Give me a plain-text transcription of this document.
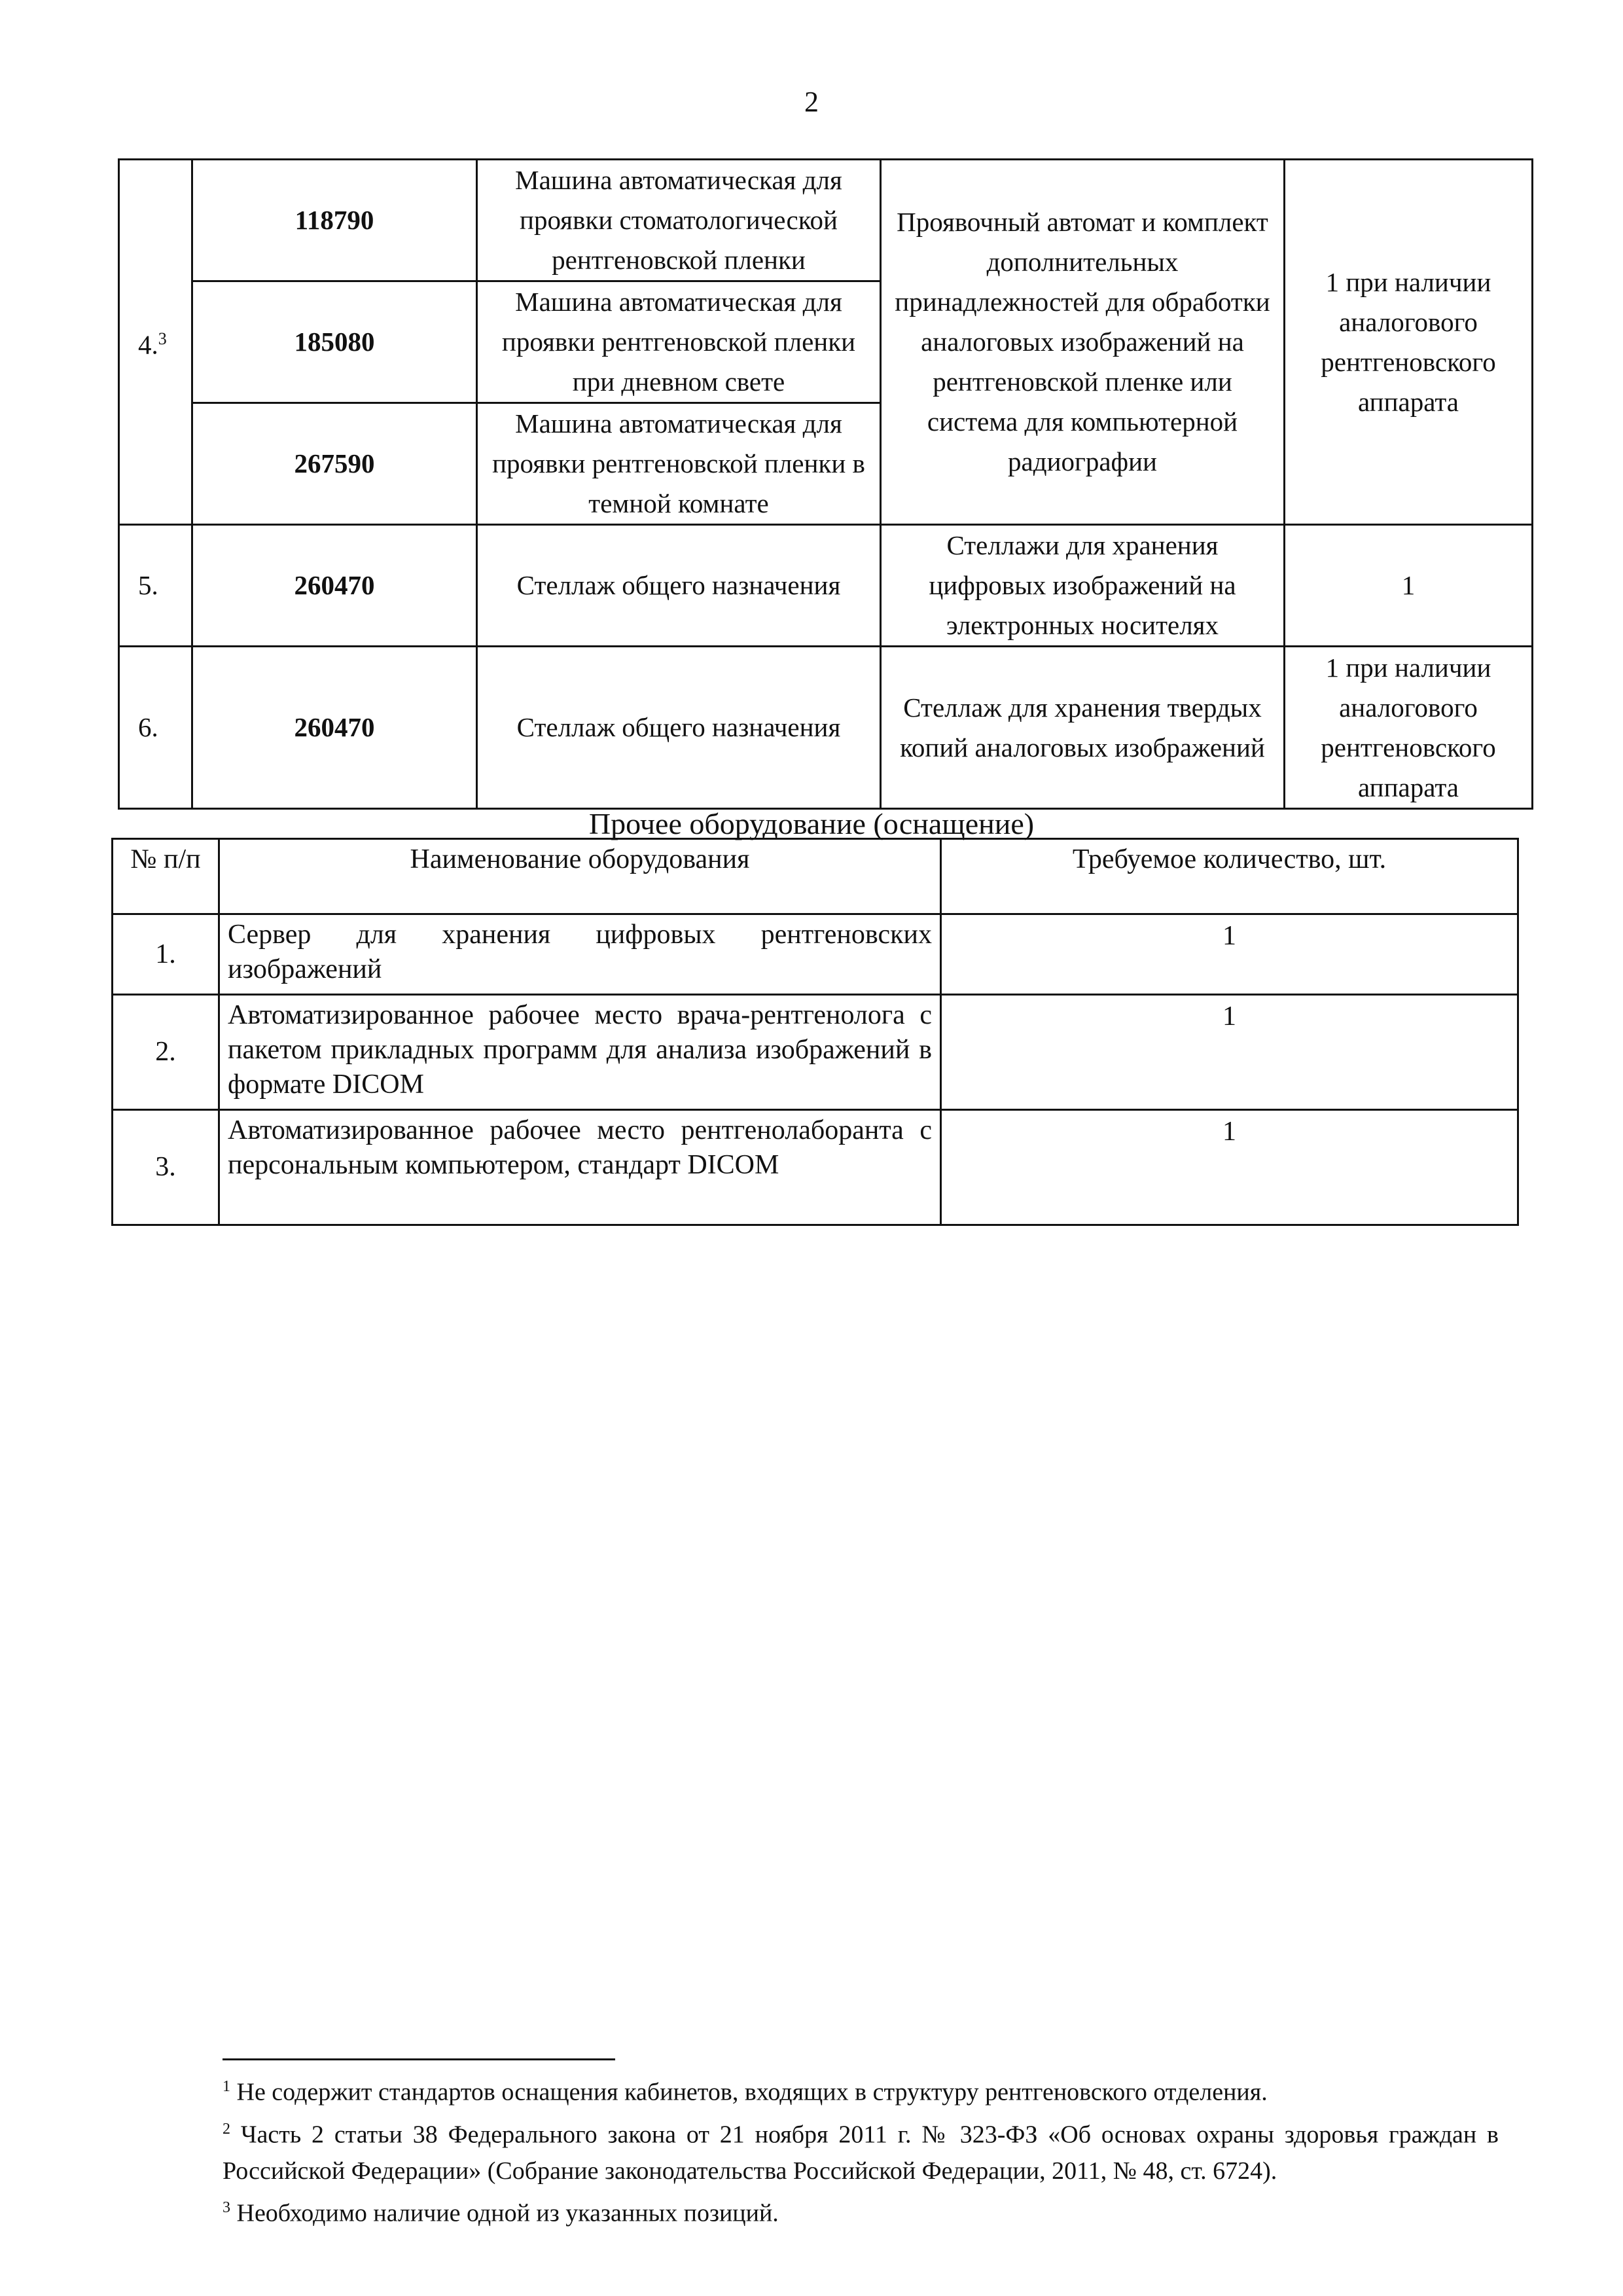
2
4.$^3$	118790	Машина автоматическая для проявки стоматологической рентгеновской пленки	Проявочный автомат и комплект дополнительных принадлежностей для обработки аналоговых изображений на рентгеновской пленке или система для компьютерной радиографии	1 при наличии аналогового рентгеновского аппарата
	185080	Машина автоматическая для проявки рентгеновской пленки при дневном свете		
	267590	Машина автоматическая для проявки рентгеновской пленки в темной комнате		
5.	260470	Стеллаж общего назначения	Стеллажи для хранения цифровых изображений на электронных носителях	1
6.	260470	Стеллаж общего назначения	Стеллаж для хранения твердых копий аналоговых изображений	1 при наличии аналогового рентгеновского аппарата
Прочее оборудование (оснащение)
№ п/п	Наименование оборудования	Требуемое количество, шт.
1.	Сервер для хранения цифровых рентгеновских изображений	1
2.	Автоматизированное рабочее место врача-рентгенолога с пакетом прикладных программ для анализа изображений в формате DICOM	1
3.	Автоматизированное рабочее место рентгенолаборанта с персональным компьютером, стандарт DICOM	1

$^1$ Не содержит стандартов оснащения кабинетов, входящих в структуру рентгеновского отделения.

$^2$ Часть 2 статьи 38 Федерального закона от 21 ноября 2011 г. № 323-ФЗ «Об основах охраны здоровья граждан в Российской Федерации» (Собрание законодательства Российской Федерации, 2011, № 48, ст. 6724).

$^3$ Необходимо наличие одной из указанных позиций.
